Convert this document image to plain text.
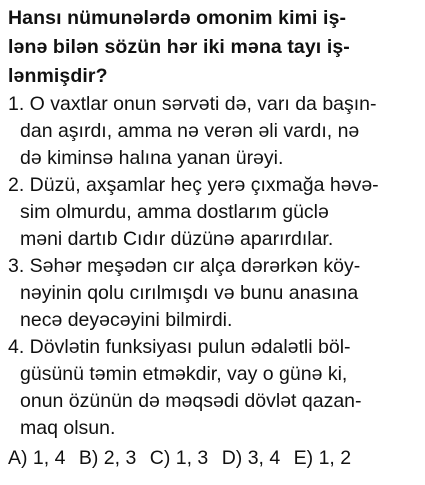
Hansı nümunələrdə omonim kimi iş-
lənə bilən sözün hər iki məna tayı iş-
lənmişdir?
1. O vaxtlar onun sərvəti də, varı da başın-
dan aşırdı, amma nə verən əli vardı, nə
də kiminsə halına yanan ürəyi.
2. Düzü, axşamlar heç yerə çıxmağa həvə-
sim olmurdu, amma dostlarım güclə
məni dartıb Cıdır düzünə aparırdılar.
3. Səhər meşədən cır alça dərərkən köy-
nəyinin qolu cırılmışdı və bunu anasına
necə deyəcəyini bilmirdi.
4. Dövlətin funksiyası pulun ədalətli böl-
güsünü təmin etməkdir, vay o günə ki,
onun özünün də məqsədi dövlət qazan-
maq olsun.
A) 1, 4 B) 2, 3 C) 1, 3 D) 3, 4 E) 1, 2
